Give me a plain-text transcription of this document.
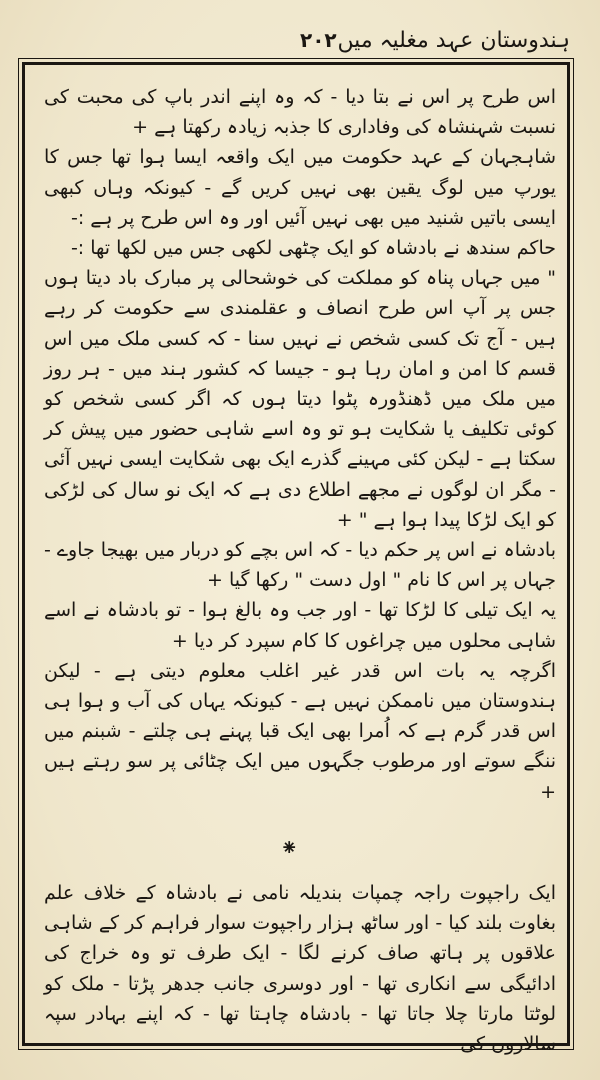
ہندوستان عہد مغلیہ میں
۲۰۲

اس طرح پر اس نے بتا دیا - کہ وہ اپنے اندر باپ کی محبت کی نسبت شہنشاہ کی وفاداری کا جذبہ زیادہ رکھتا ہے +

شاہجہان کے عہد حکومت میں ایک واقعہ ایسا ہوا تھا جس کا یورپ میں لوگ یقین بھی نہیں کریں گے - کیونکہ وہاں کبھی ایسی باتیں شنید میں بھی نہیں آئیں اور وہ اس طرح پر ہے :-

حاکم سندھ نے بادشاہ کو ایک چٹھی لکھی جس میں لکھا تھا :-

" میں جہاں پناہ کو مملکت کی خوشحالی پر مبارک باد دیتا ہوں جس پر آپ اس طرح انصاف و عقلمندی سے حکومت کر رہے ہیں - آج تک کسی شخص نے نہیں سنا - کہ کسی ملک میں اس قسم کا امن و امان رہا ہو - جیسا کہ کشور ہند میں - ہر روز میں ملک میں ڈھنڈورہ پٹوا دیتا ہوں کہ اگر کسی شخص کو کوئی تکلیف یا شکایت ہو تو وہ اسے شاہی حضور میں پیش کر سکتا ہے - لیکن کئی مہینے گذرے ایک بھی شکایت ایسی نہیں آئی - مگر ان لوگوں نے مجھے اطلاع دی ہے کہ ایک نو سال کی لڑکی کو ایک لڑکا پیدا ہوا ہے " +

بادشاہ نے اس پر حکم دیا - کہ اس بچے کو دربار میں بھیجا جاوے - جہاں پر اس کا نام " اول دست " رکھا گیا +

یہ ایک تیلی کا لڑکا تھا - اور جب وہ بالغ ہوا - تو بادشاہ نے اسے شاہی محلوں میں چراغوں کا کام سپرد کر دیا +

اگرچہ یہ بات اس قدر غیر اغلب معلوم دیتی ہے - لیکن ہندوستان میں ناممکن نہیں ہے - کیونکہ یہاں کی آب و ہوا ہی اس قدر گرم ہے کہ اُمرا بھی ایک قبا پہنے ہی چلتے - شبنم میں ننگے سوتے اور مرطوب جگہوں میں ایک چٹائی پر سو رہتے ہیں +

⁕

ایک راجپوت راجہ چمپات بندیلہ نامی نے بادشاہ کے خلاف علم بغاوت بلند کیا - اور ساٹھ ہزار راجپوت سوار فراہم کر کے شاہی علاقوں پر ہاتھ صاف کرنے لگا - ایک طرف تو وہ خراج کی ادائیگی سے انکاری تھا - اور دوسری جانب جدھر پڑتا - ملک کو لوٹتا مارتا چلا جاتا تھا - بادشاہ چاہتا تھا - کہ اپنے بہادر سپہ سالاروں کی
